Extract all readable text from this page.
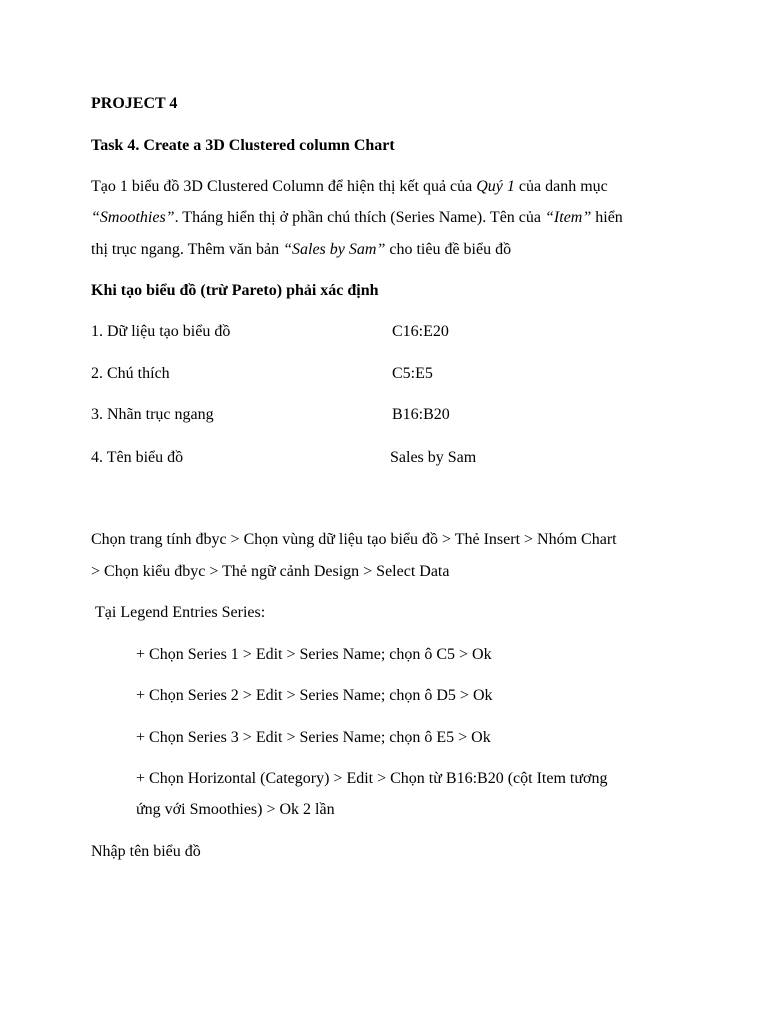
PROJECT 4
Task 4. Create a 3D Clustered column Chart
Tạo 1 biểu đồ 3D Clustered Column để hiện thị kết quả của Quý 1 của danh mục
“Smoothies”. Tháng hiển thị ở phần chú thích (Series Name). Tên của “Item” hiển
thị trục ngang. Thêm văn bản “Sales by Sam” cho tiêu đề biểu đồ
Khi tạo biểu đồ (trừ Pareto) phải xác định
1. Dữ liệu tạo biểu đồ	C16:E20
2. Chú thích	C5:E5
3. Nhãn trục ngang	B16:B20
4. Tên biểu đồ	Sales by Sam
Chọn trang tính đbyc > Chọn vùng dữ liệu tạo biểu đồ > Thẻ Insert > Nhóm Chart
> Chọn kiểu đbyc > Thẻ ngữ cảnh Design > Select Data
Tại Legend Entries Series:
+ Chọn Series 1 > Edit > Series Name; chọn ô C5 > Ok
+ Chọn Series 2 > Edit > Series Name; chọn ô D5 > Ok
+ Chọn Series 3 > Edit > Series Name; chọn ô E5 > Ok
+ Chọn Horizontal (Category) > Edit > Chọn từ B16:B20 (cột Item tương
ứng với Smoothies) > Ok 2 lần
Nhập tên biểu đồ
